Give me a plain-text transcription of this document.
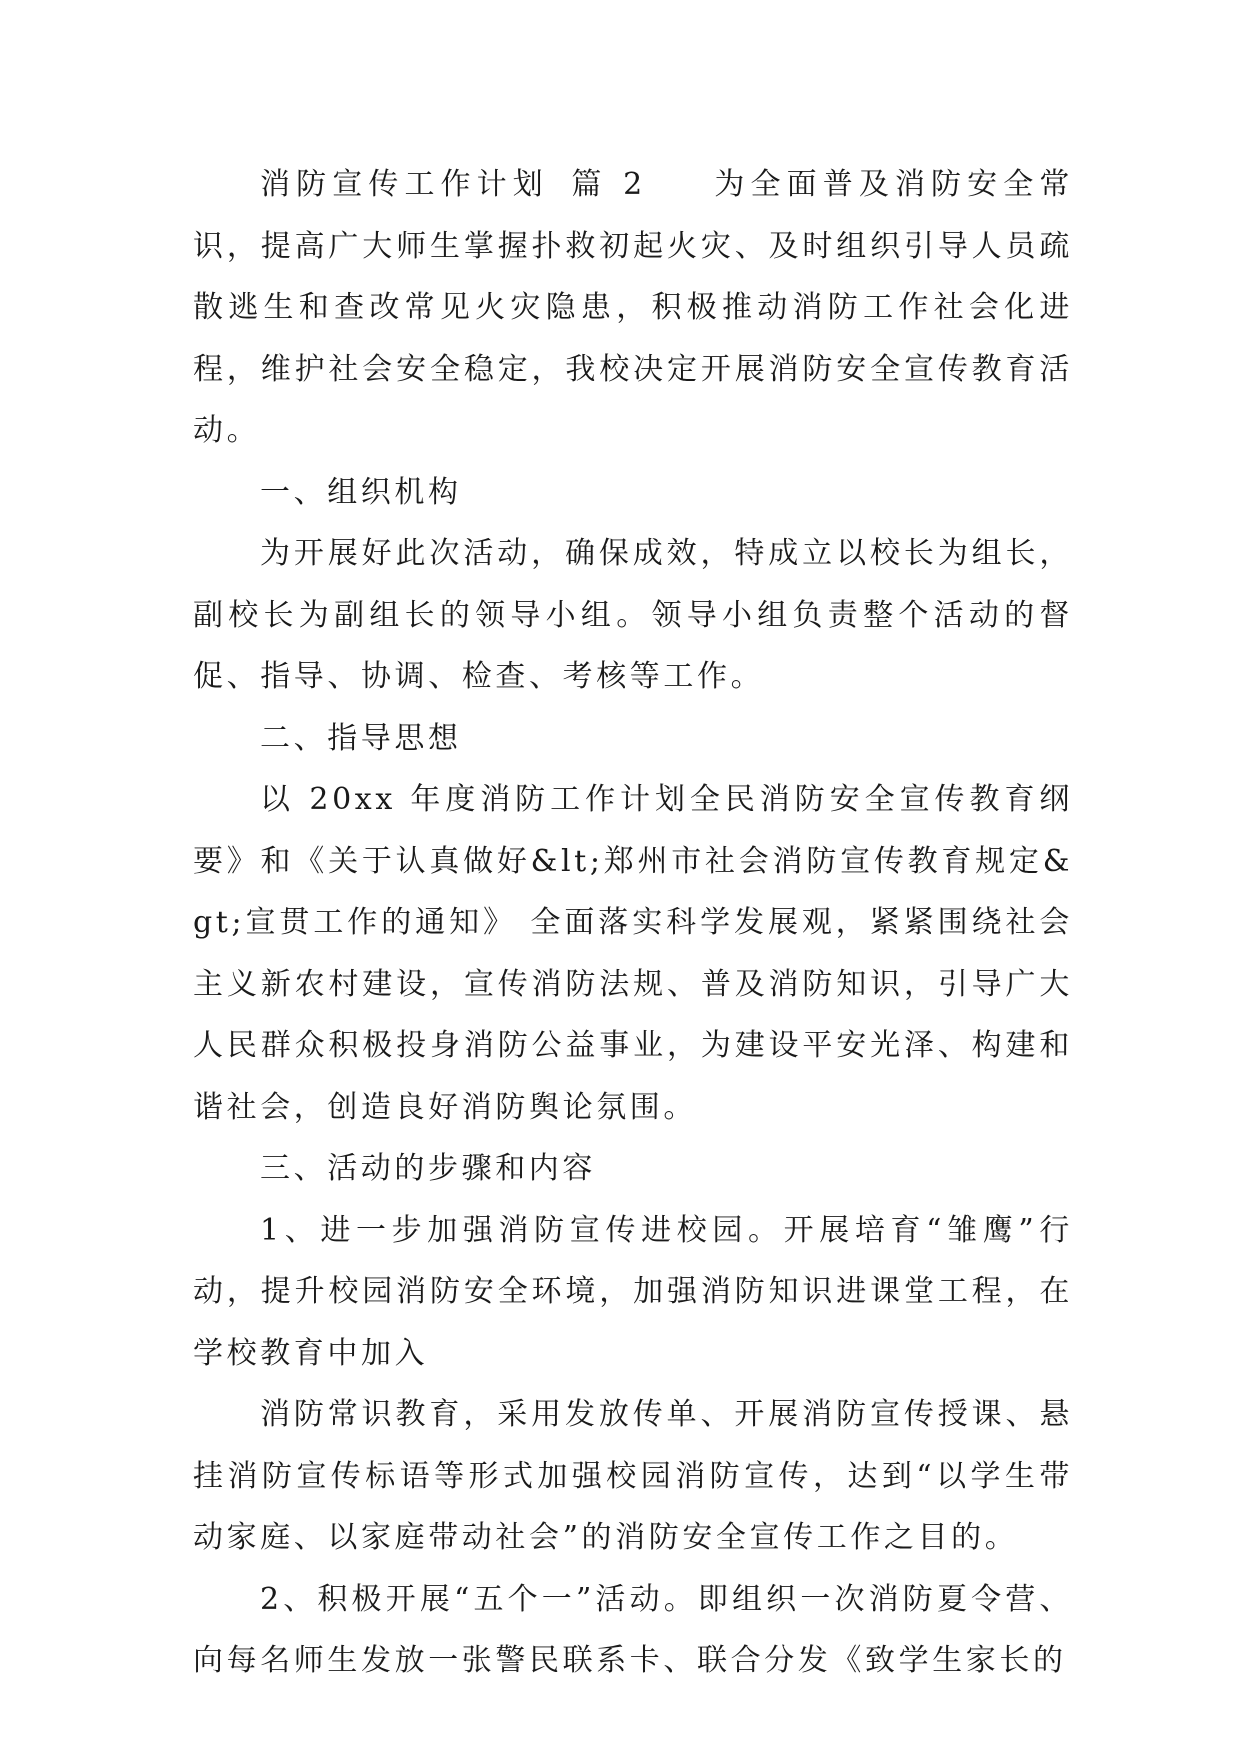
消防宣传工作计划 篇 2 为全面普及消防安全常识，提高广大师生掌握扑救初起火灾、及时组织引导人员疏散逃生和查改常见火灾隐患，积极推动消防工作社会化进程，维护社会安全稳定，我校决定开展消防安全宣传教育活动。

一、组织机构

为开展好此次活动，确保成效，特成立以校长为组长，副校长为副组长的领导小组。领导小组负责整个活动的督促、指导、协调、检查、考核等工作。

二、指导思想

以 20xx 年度消防工作计划全民消防安全宣传教育纲要》和《关于认真做好&lt;郑州市社会消防宣传教育规定&gt;宣贯工作的通知》 全面落实科学发展观，紧紧围绕社会主义新农村建设，宣传消防法规、普及消防知识，引导广大人民群众积极投身消防公益事业，为建设平安光泽、构建和谐社会，创造良好消防舆论氛围。

三、活动的步骤和内容

1、进一步加强消防宣传进校园。开展培育“雏鹰”行动，提升校园消防安全环境，加强消防知识进课堂工程，在学校教育中加入

消防常识教育，采用发放传单、开展消防宣传授课、悬挂消防宣传标语等形式加强校园消防宣传，达到“以学生带动家庭、以家庭带动社会”的消防安全宣传工作之目的。

2、积极开展“五个一”活动。即组织一次消防夏令营、向每名师生发放一张警民联系卡、联合分发《致学生家长的
